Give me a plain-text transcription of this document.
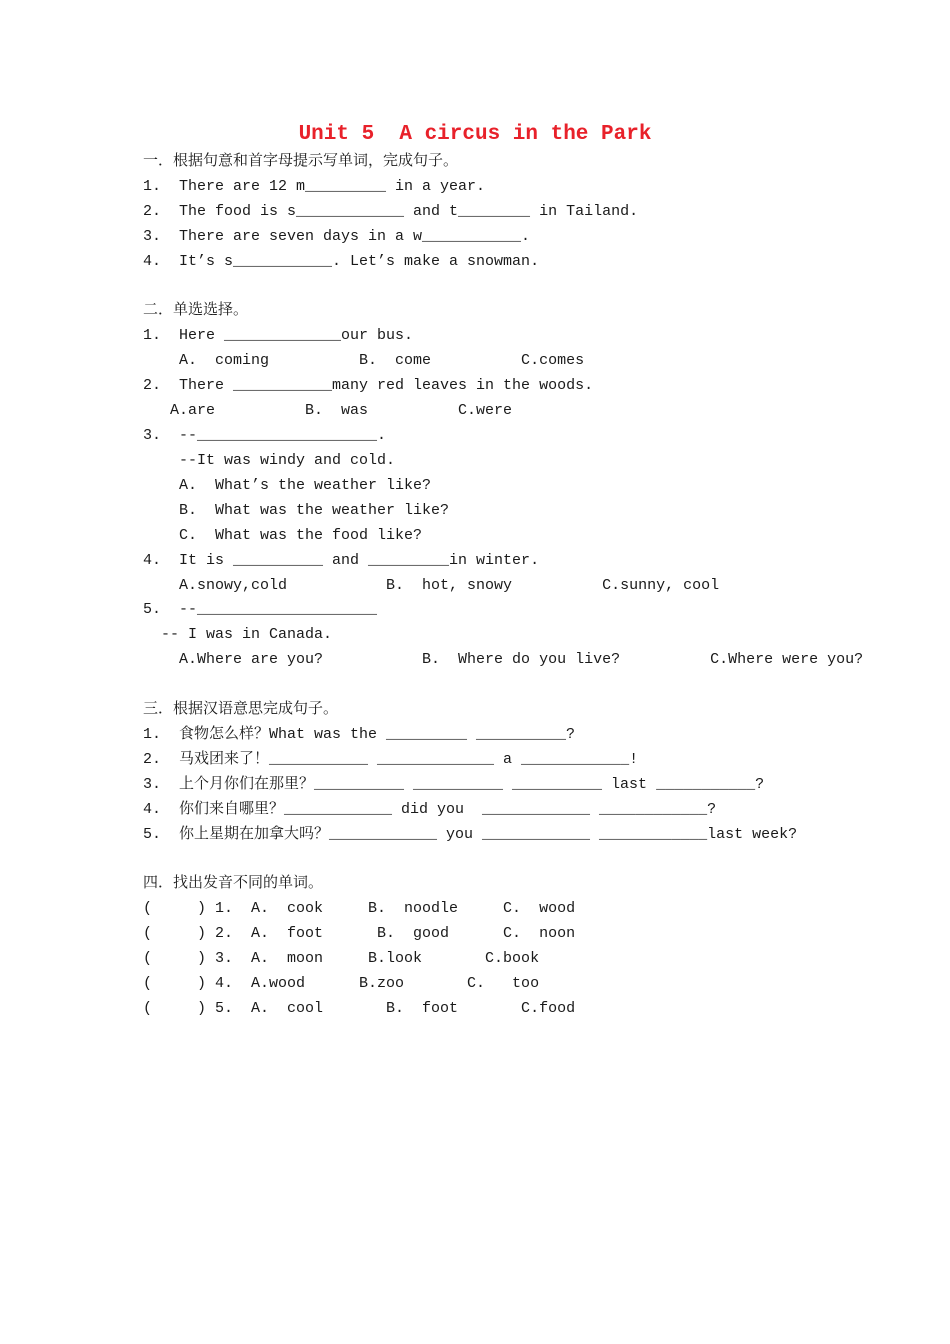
Unit 5  A circus in the Park
一．根据句意和首字母提示写单词，完成句子。
1.  There are 12 m_________ in a year.
2.  The food is s____________ and t________ in Tailand.
3.  There are seven days in a w___________.
4.  It’s s___________. Let’s make a snowman.
二．单选选择。
1.  Here _____________our bus.
A.  coming          B.  come          C.comes
2.  There ___________many red leaves in the woods.
A.are          B.  was          C.were
3.  --____________________.
--It was windy and cold.
A.  What’s the weather like?
B.  What was the weather like?
C.  What was the food like?
4.  It is __________ and _________in winter.
A.snowy,cold           B.  hot, snowy          C.sunny, cool
5.  --____________________
-- I was in Canada.
A.Where are you?           B.  Where do you live?          C.Where were you?
三．根据汉语意思完成句子。
1.  食物怎么样？What was the _________ __________?
2.  马戏团来了！___________ _____________ a ____________!
3.  上个月你们在那里？__________ __________ __________ last ___________?
4.  你们来自哪里？____________ did you  ____________ ____________?
5.  你上星期在加拿大吗？____________ you ____________ ____________last week?
四．找出发音不同的单词。
(     ) 1.  A.  cook     B.  noodle     C.  wood
(     ) 2.  A.  foot      B.  good      C.  noon
(     ) 3.  A.  moon     B.look       C.book
(     ) 4.  A.wood      B.zoo       C.   too
(     ) 5.  A.  cool       B.  foot       C.food
